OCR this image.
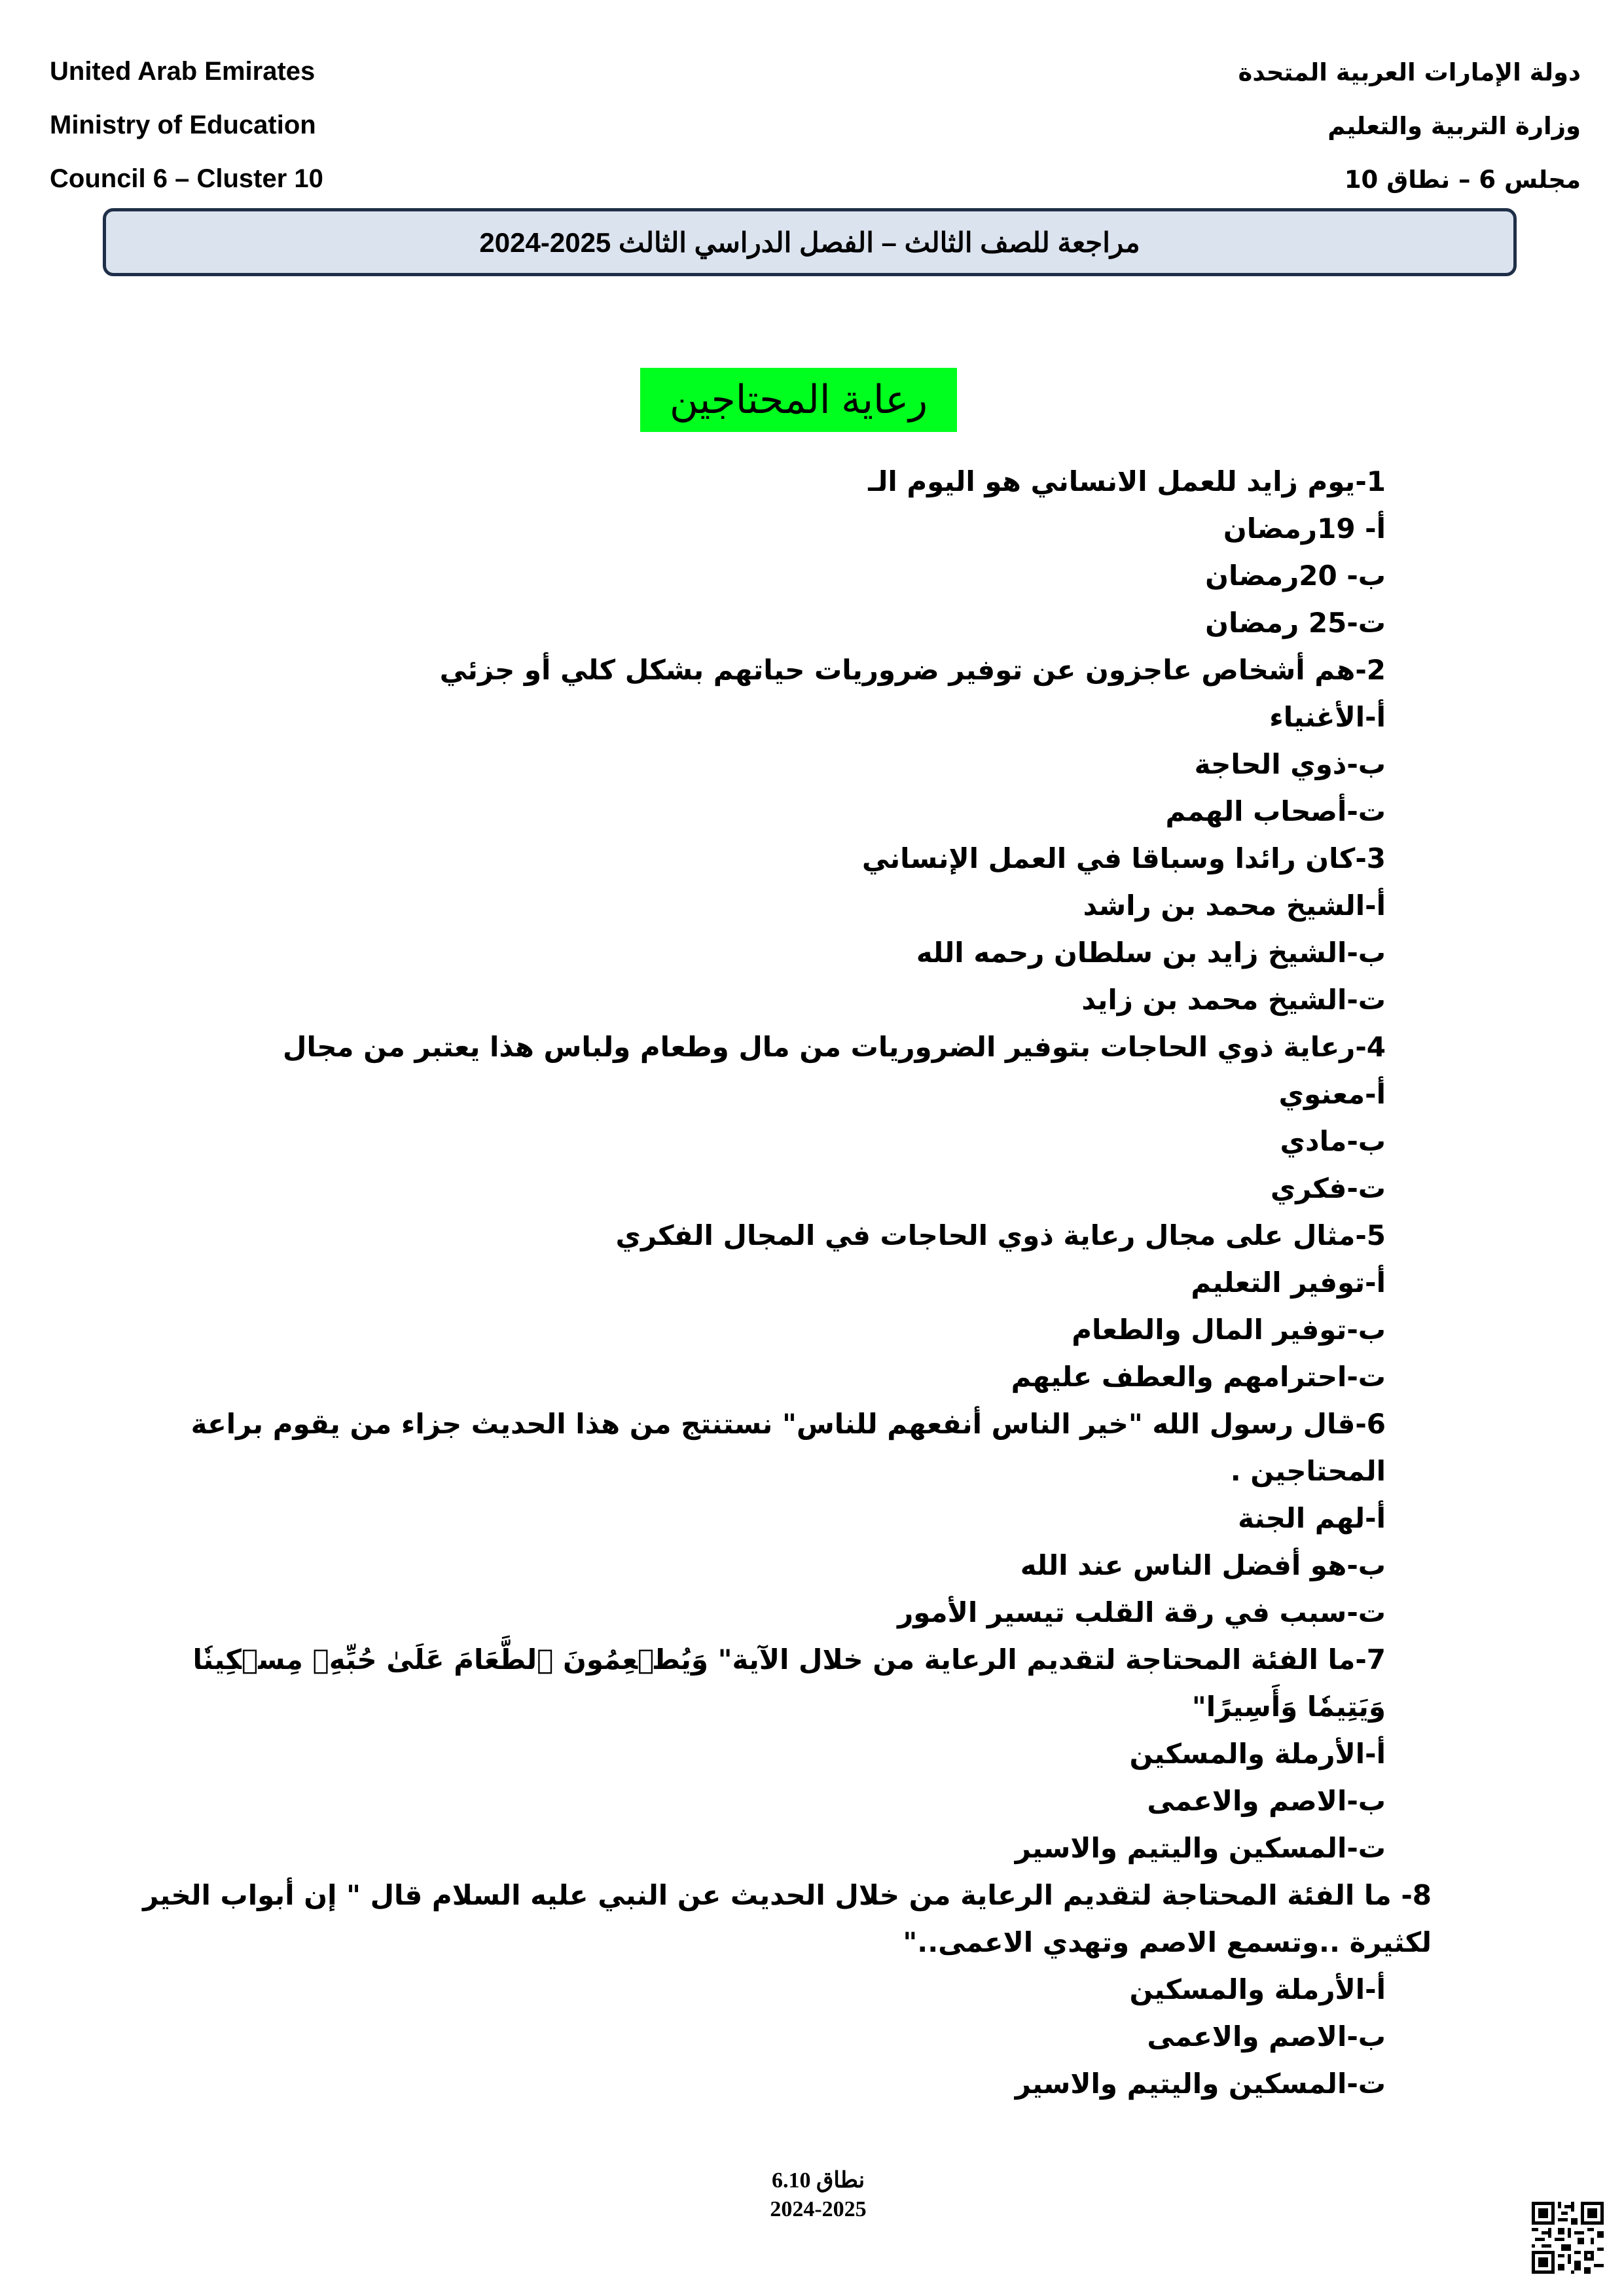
United Arab Emirates
Ministry of Education
Council 6 – Cluster 10
دولة الإمارات العربية المتحدة
وزارة التربية والتعليم
مجلس 6 – نطاق 10
مراجعة للصف الثالث – الفصل الدراسي الثالث 2025-2024
رعاية المحتاجين
1-يوم زايد للعمل الانساني هو اليوم الـ
أ- 19رمضان
ب- 20رمضان
ت-25 رمضان
2-هم أشخاص عاجزون عن توفير ضروريات حياتهم بشكل كلي أو جزئي
أ-الأغنياء
ب-ذوي الحاجة
ت-أصحاب الهمم
3-كان رائدا وسباقا في العمل الإنساني
أ-الشيخ محمد بن راشد
ب-الشيخ زايد بن سلطان رحمه الله
ت-الشيخ محمد بن زايد
4-رعاية ذوي الحاجات بتوفير الضروريات من مال وطعام ولباس هذا يعتبر من مجال
أ-معنوي
ب-مادي
ت-فكري
5-مثال على مجال رعاية ذوي الحاجات في المجال الفكري
أ-توفير التعليم
ب-توفير المال والطعام
ت-احترامهم والعطف عليهم
6-قال رسول الله "خير الناس أنفعهم للناس" نستنتج من هذا الحديث جزاء من يقوم براعة المحتاجين .
أ-لهم الجنة
ب-هو أفضل الناس عند الله
ت-سبب في رقة القلب تيسير الأمور
7-ما الفئة المحتاجة لتقديم الرعاية من خلال الآية" وَيُطۡعِمُونَ ٱلطَّعَامَ عَلَىٰ حُبِّهِۦ مِسۡكِينٗا وَيَتِيمٗا وَأَسِيرًا"
أ-الأرملة والمسكين
ب-الاصم والاعمى
ت-المسكين واليتيم والاسير
8- ما الفئة المحتاجة لتقديم الرعاية من خلال الحديث عن النبي عليه السلام قال " إن أبواب الخير لكثيرة ..وتسمع الاصم وتهدي الاعمى.."
أ-الأرملة والمسكين
ب-الاصم والاعمى
ت-المسكين واليتيم والاسير
نطاق 6.10
2024-2025
